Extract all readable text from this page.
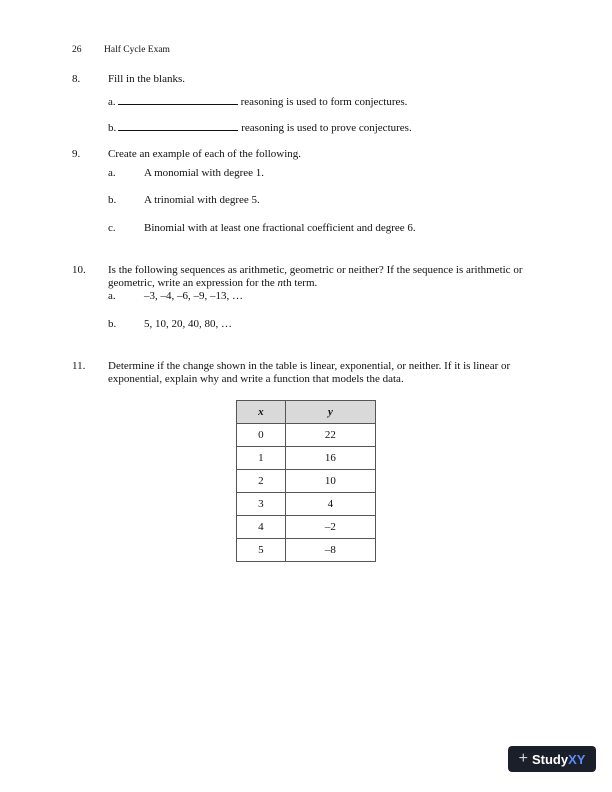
26 Half Cycle Exam
8.	Fill in the blanks.
a.	reasoning is used to form conjectures.
b.	reasoning is used to prove conjectures.
9.	Create an example of each of the following.
a.	A monomial with degree 1.
b.	A trinomial with degree 5.
c.	Binomial with at least one fractional coefficient and degree 6.
10. Is the following sequences as arithmetic, geometric or neither? If the sequence is arithmetic or geometric, write an expression for the nth term.
a.	–3, –4, –6, –9, –13, …
b.	5, 10, 20, 40, 80, …
11. Determine if the change shown in the table is linear, exponential, or neither. If it is linear or exponential, explain why and write a function that models the data.
x	y
0	22
1	16
2	10
3	4
4	–2
5	–8
+ Study XY
